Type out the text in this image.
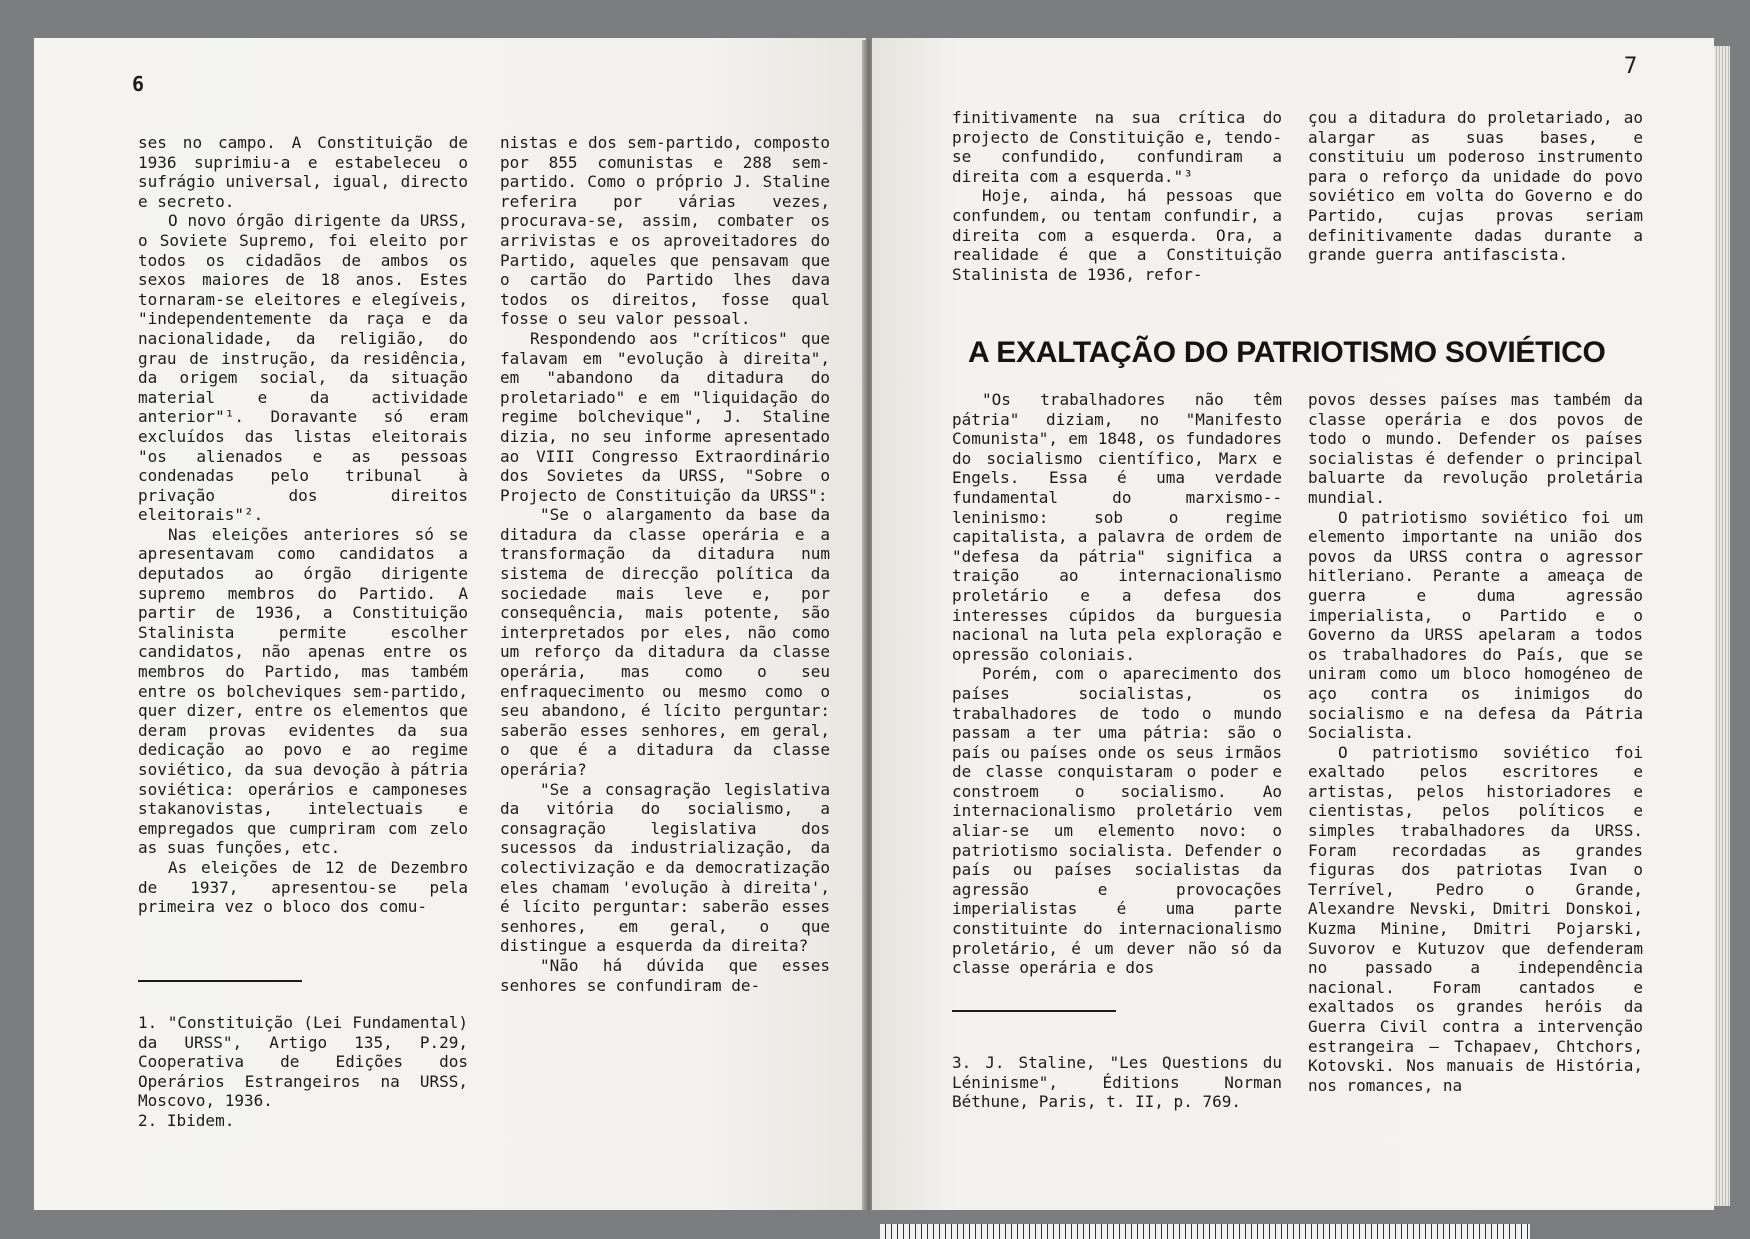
6

ses no campo. A Constituição de 1936 suprimiu-a e estabeleceu o sufrágio universal, igual, directo e secreto.

O novo órgão dirigente da URSS, o Soviete Supremo, foi eleito por todos os cidadãos de ambos os sexos maiores de 18 anos. Estes tornaram-se eleitores e elegíveis, "independentemente da raça e da nacionalidade, da religião, do grau de instrução, da residência, da origem social, da situação material e da actividade anterior"¹. Doravante só eram excluídos das listas eleitorais "os alienados e as pessoas condenadas pelo tribunal à privação dos direitos eleitorais"².

Nas eleições anteriores só se apresentavam como candidatos a deputados ao órgão dirigente supremo membros do Partido. A partir de 1936, a Constituição Stalinista permite escolher candidatos, não apenas entre os membros do Partido, mas também entre os bolcheviques sem-partido, quer dizer, entre os elementos que deram provas evidentes da sua dedicação ao povo e ao regime soviético, da sua devoção à pátria soviética: operários e camponeses stakanovistas, intelectuais e empregados que cumpriram com zelo as suas funções, etc.

As eleições de 12 de Dezembro de 1937, apresentou-se pela primeira vez o bloco dos comu-

nistas e dos sem-partido, composto por 855 comunistas e 288 sem-partido. Como o próprio J. Staline referira por várias vezes, procurava-se, assim, combater os arrivistas e os aproveitadores do Partido, aqueles que pensavam que o cartão do Partido lhes dava todos os direitos, fosse qual fosse o seu valor pessoal.

Respondendo aos "críticos" que falavam em "evolução à direita", em "abandono da ditadura do proletariado" e em "liquidação do regime bolchevique", J. Staline dizia, no seu informe apresentado ao VIII Congresso Extraordinário dos Sovietes da URSS, "Sobre o Projecto de Constituição da URSS":

"Se o alargamento da base da ditadura da classe operária e a transformação da ditadura num sistema de direcção política da sociedade mais leve e, por consequência, mais potente, são interpretados por eles, não como um reforço da ditadura da classe operária, mas como o seu enfraquecimento ou mesmo como o seu abandono, é lícito perguntar: saberão esses senhores, em geral, o que é a ditadura da classe operária?

"Se a consagração legislativa da vitória do socialismo, a consagração legislativa dos sucessos da industrialização, da colectivização e da democratização eles chamam 'evolução à direita', é lícito perguntar: saberão esses senhores, em geral, o que distingue a esquerda da direita?

"Não há dúvida que esses senhores se confundiram de-

1. "Constituição (Lei Fundamental) da URSS", Artigo 135, P.29, Cooperativa de Edições dos Operários Estrangeiros na URSS, Moscovo, 1936.

2. Ibidem.

7

finitivamente na sua crítica do projecto de Constituição e, tendo-se confundido, confundiram a direita com a esquerda."³

Hoje, ainda, há pessoas que confundem, ou tentam confundir, a direita com a esquerda. Ora, a realidade é que a Constituição Stalinista de 1936, refor-

çou a ditadura do proletariado, ao alargar as suas bases, e constituiu um poderoso instrumento para o reforço da unidade do povo soviético em volta do Governo e do Partido, cujas provas seriam definitivamente dadas durante a grande guerra antifascista.

A EXALTAÇÃO DO PATRIOTISMO SOVIÉTICO

"Os trabalhadores não têm pátria" diziam, no "Manifesto Comunista", em 1848, os fundadores do socialismo científico, Marx e Engels. Essa é uma verdade fundamental do marxismo--leninismo: sob o regime capitalista, a palavra de ordem de "defesa da pátria" significa a traição ao internacionalismo proletário e a defesa dos interesses cúpidos da burguesia nacional na luta pela exploração e opressão coloniais.

Porém, com o aparecimento dos países socialistas, os trabalhadores de todo o mundo passam a ter uma pátria: são o país ou países onde os seus irmãos de classe conquistaram o poder e constroem o socialismo. Ao internacionalismo proletário vem aliar-se um elemento novo: o patriotismo socialista. Defender o país ou países socialistas da agressão e provocações imperialistas é uma parte constituinte do internacionalismo proletário, é um dever não só da classe operária e dos

povos desses países mas também da classe operária e dos povos de todo o mundo. Defender os países socialistas é defender o principal baluarte da revolução proletária mundial.

O patriotismo soviético foi um elemento importante na união dos povos da URSS contra o agressor hitleriano. Perante a ameaça de guerra e duma agressão imperialista, o Partido e o Governo da URSS apelaram a todos os trabalhadores do País, que se uniram como um bloco homogéneo de aço contra os inimigos do socialismo e na defesa da Pátria Socialista.

O patriotismo soviético foi exaltado pelos escritores e artistas, pelos historiadores e cientistas, pelos políticos e simples trabalhadores da URSS. Foram recordadas as grandes figuras dos patriotas Ivan o Terrível, Pedro o Grande, Alexandre Nevski, Dmitri Donskoi, Kuzma Minine, Dmitri Pojarski, Suvorov e Kutuzov que defenderam no passado a independência nacional. Foram cantados e exaltados os grandes heróis da Guerra Civil contra a intervenção estrangeira — Tchapaev, Chtchors, Kotovski. Nos manuais de História, nos romances, na

3. J. Staline, "Les Questions du Léninisme", Éditions Norman Béthune, Paris, t. II, p. 769.
